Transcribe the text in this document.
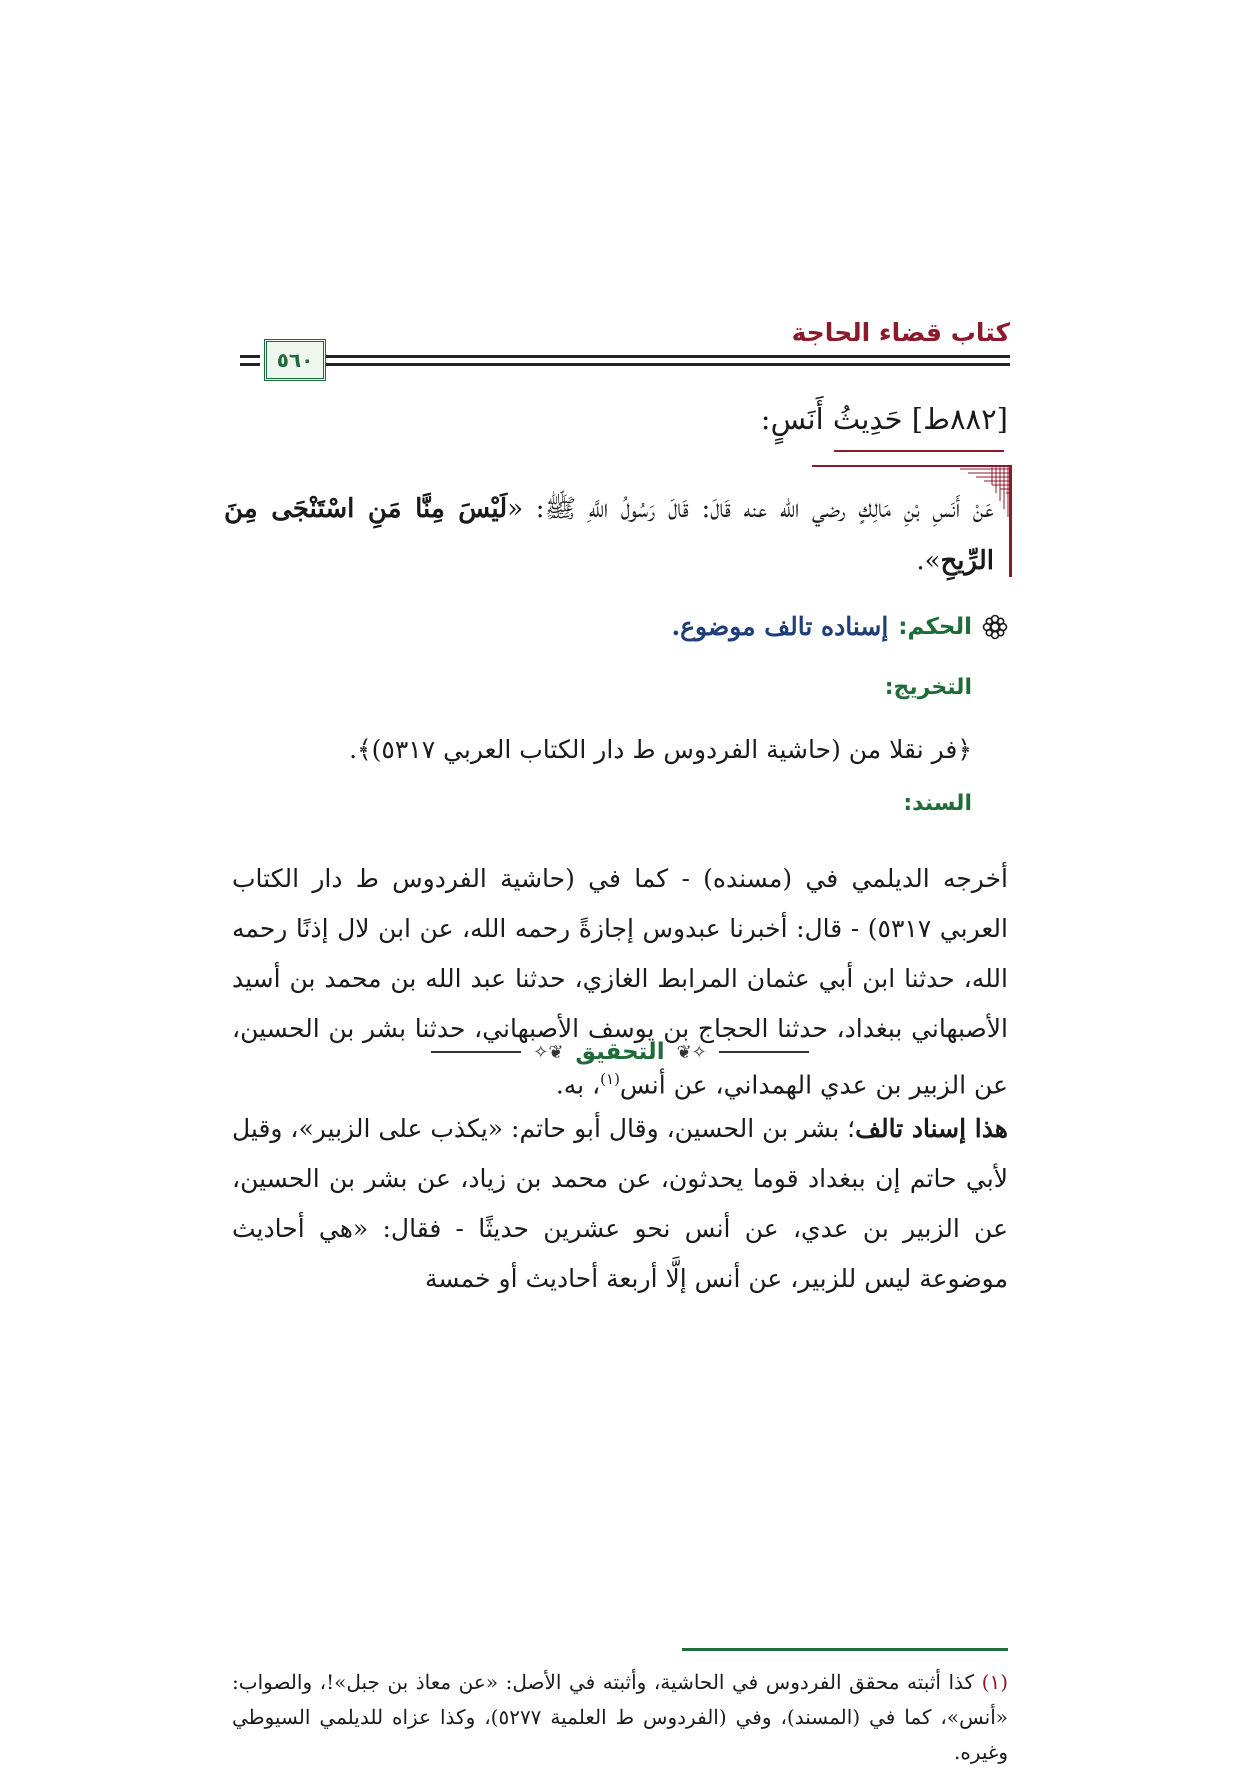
كتاب قضاء الحاجة
٥٦٠
[٨٨٢ط] حَدِيثُ أَنَسٍ:
عَنْ أَنَسِ بْنِ مَالِكٍ رضي الله عنه قَالَ: قَالَ رَسُولُ اللَّهِ ﷺ: «لَيْسَ مِنَّا مَنِ اسْتَنْجَى مِنَ الرِّيحِ».
الحكم:
إسناده تالف موضوع.
التخريج:
﴿فر نقلا من (حاشية الفردوس ط دار الكتاب العربي ٥٣١٧)﴾.
السند:
أخرجه الديلمي في (مسنده) - كما في (حاشية الفردوس ط دار الكتاب العربي ٥٣١٧) - قال: أخبرنا عبدوس إجازةً رحمه الله، عن ابن لال إذنًا رحمه الله، حدثنا ابن أبي عثمان المرابط الغازي، حدثنا عبد الله بن محمد بن أسيد الأصبهاني ببغداد، حدثنا الحجاج بن يوسف الأصبهاني، حدثنا بشر بن الحسين، عن الزبير بن عدي الهمداني، عن أنس$^{(١)}$، به.
✧❦
التحقيق
❦✧
هذا إسناد تالف؛ بشر بن الحسين، وقال أبو حاتم: «يكذب على الزبير»، وقيل لأبي حاتم إن ببغداد قوما يحدثون، عن محمد بن زياد، عن بشر بن الحسين، عن الزبير بن عدي، عن أنس نحو عشرين حديثًا - فقال: «هي أحاديث موضوعة ليس للزبير، عن أنس إلَّا أربعة أحاديث أو خمسة
(١) كذا أثبته محقق الفردوس في الحاشية، وأثبته في الأصل: «عن معاذ بن جبل»!، والصواب: «أنس»، كما في (المسند)، وفي (الفردوس ط العلمية ٥٢٧٧)، وكذا عزاه للديلمي السيوطي وغيره.
